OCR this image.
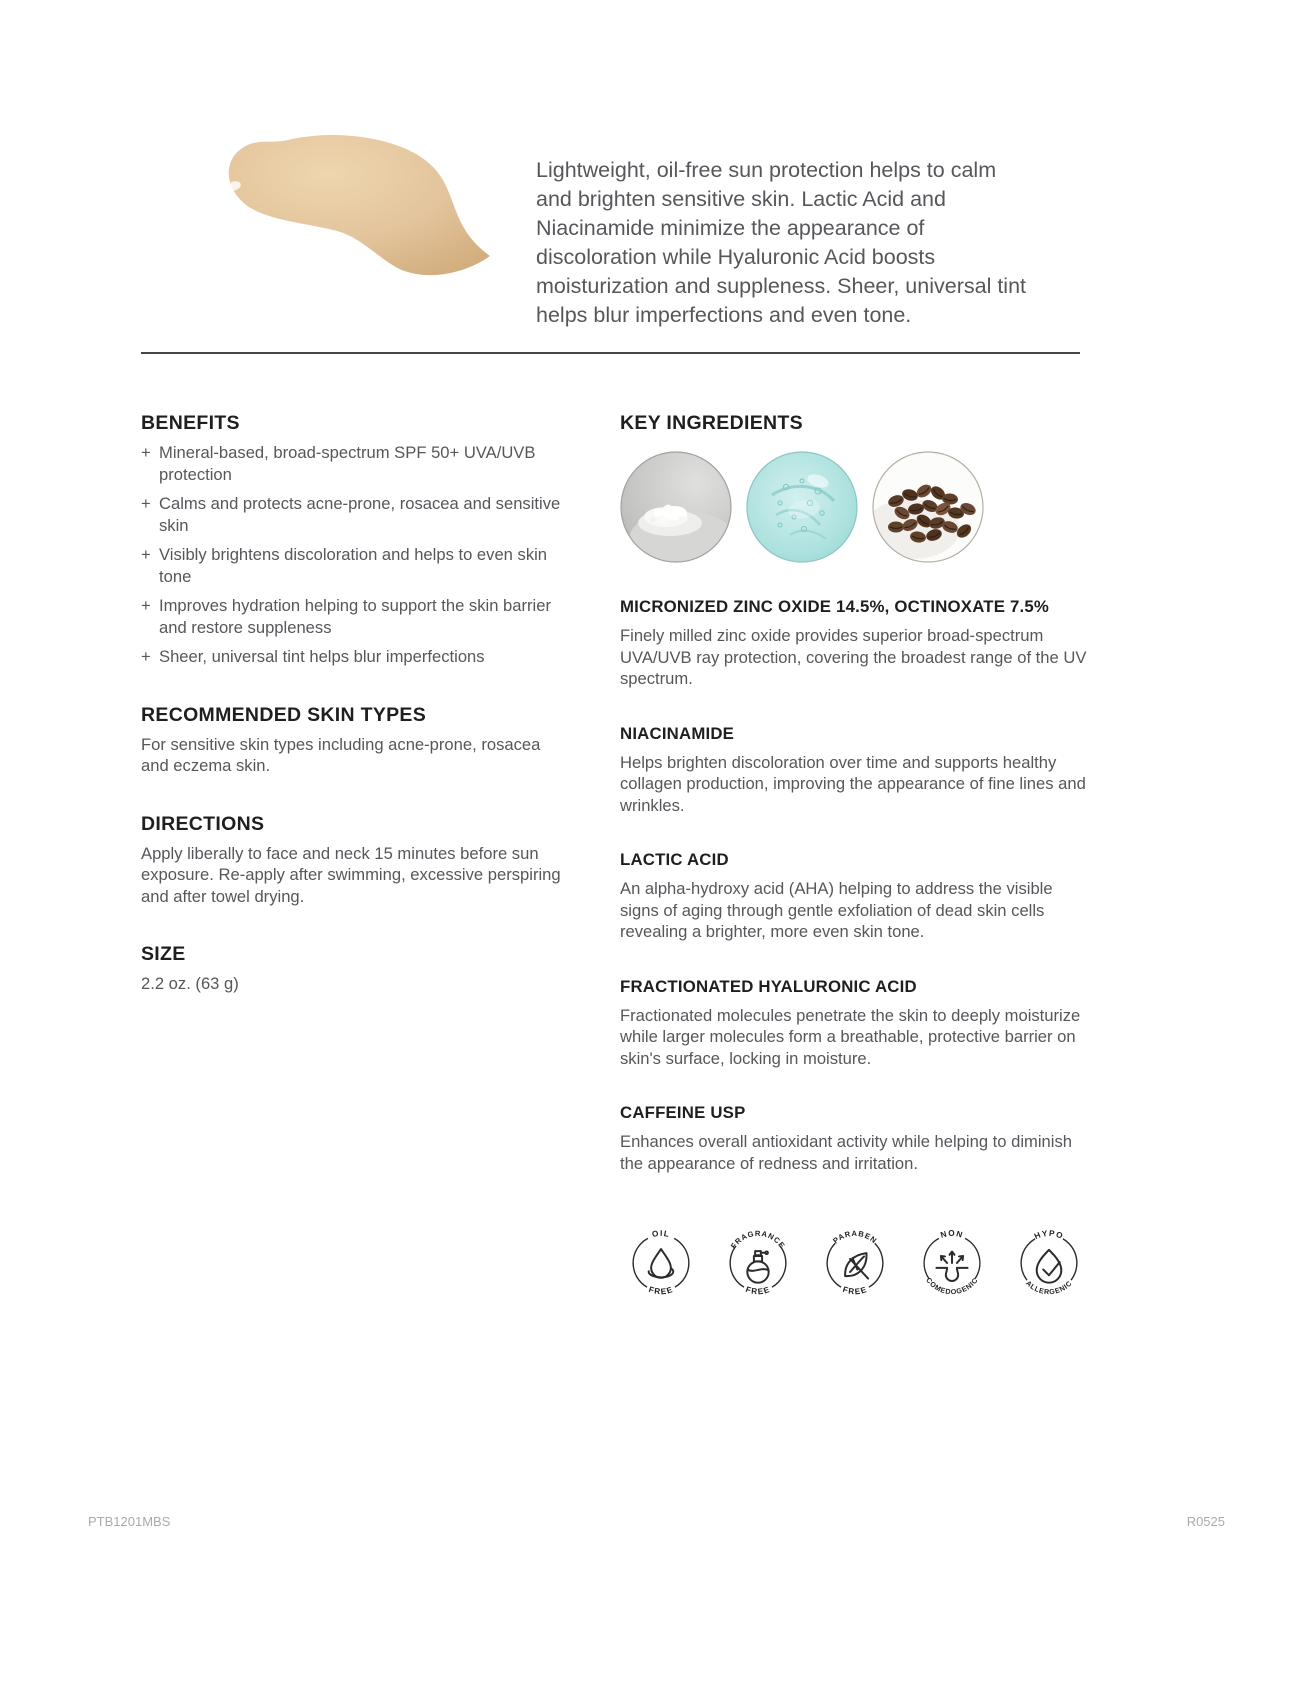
Lightweight, oil-free sun protection helps to calm and brighten sensitive skin. Lactic Acid and Niacinamide minimize the appearance of discoloration while Hyaluronic Acid boosts moisturization and suppleness. Sheer, universal tint helps blur imperfections and even tone.

BENEFITS
+ Mineral-based, broad-spectrum SPF 50+ UVA/UVB protection
+ Calms and protects acne-prone, rosacea and sensitive skin
+ Visibly brightens discoloration and helps to even skin tone
+ Improves hydration helping to support the skin barrier and restore suppleness
+ Sheer, universal tint helps blur imperfections
RECOMMENDED SKIN TYPES

For sensitive skin types including acne-prone, rosacea and eczema skin.

DIRECTIONS

Apply liberally to face and neck 15 minutes before sun exposure. Re-apply after swimming, excessive perspiring and after towel drying.

SIZE

2.2 oz. (63 g)

KEY INGREDIENTS
MICRONIZED ZINC OXIDE 14.5%, OCTINOXATE 7.5%

Finely milled zinc oxide provides superior broad-spectrum UVA/UVB ray protection, covering the broadest range of the UV spectrum.

NIACINAMIDE

Helps brighten discoloration over time and supports healthy collagen production, improving the appearance of fine lines and wrinkles.

LACTIC ACID

An alpha-hydroxy acid (AHA) helping to address the visible signs of aging through gentle exfoliation of dead skin cells revealing a brighter, more even skin tone.

FRACTIONATED HYALURONIC ACID

Fractionated molecules penetrate the skin to deeply moisturize while larger molecules form a breathable, protective barrier on skin's surface, locking in moisture.

CAFFEINE USP

Enhances overall antioxidant activity while helping to diminish the appearance of redness and irritation.

OIL
FREE
FRAGRANCE
FREE
PARABEN
FREE
NON
COMEDOGENIC
HYPO
ALLERGENIC
PTB1201MBS	R0525
